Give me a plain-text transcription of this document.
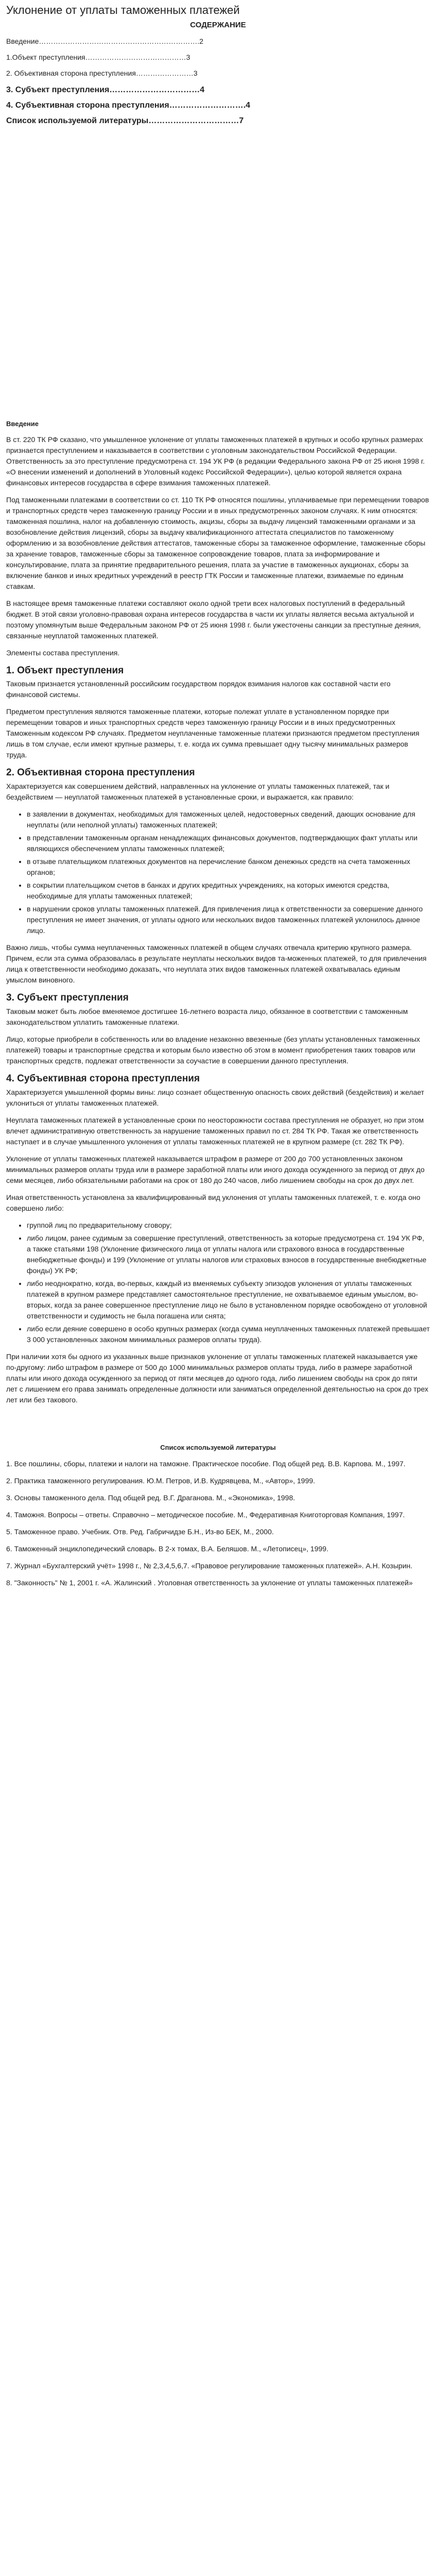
Уклонение от уплаты таможенных платежей
СОДЕРЖАНИЕ
Введение………………………………………………………….2
1.Объект преступления……………………………………3
2. Объективная сторона преступления……………………3
3. Субъект преступления……………………………4
4. Субъективная сторона преступления……………………….4
Список используемой литературы……………………………7
Введение

В ст. 220 ТК РФ сказано, что умышленное уклонение от уплаты таможенных платежей в крупных и особо крупных размерах признается преступлением и наказывается в соответствии с уголовным законодательством Российской Федерации. Ответственность за это преступление предусмотрена ст. 194 УК РФ (в редакции Федерального закона РФ от 25 июня 1998 г. «О внесении изменений и дополнений в Уголовный кодекс Российской Федерации»), целью которой является охрана финансовых интересов государства в сфере взимания таможенных платежей.

Под таможенными платежами в соответствии со ст. 110 ТК РФ относятся пошлины, уплачиваемые при перемещении товаров и транспортных средств через таможенную границу России и в иных предусмотренных законом случаях. К ним относятся: таможенная пошлина, налог на добавленную стоимость, акцизы, сборы за выдачу лицензий таможенными органами и за возобновление действия лицензий, сборы за выдачу квалификационного аттестата специалистов по таможенному оформлению и за возобновление действия аттестатов, таможенные сборы за таможенное оформление, таможенные сборы за хранение товаров, таможенные сборы за таможенное сопровождение товаров, плата за информирование и консультирование, плата за принятие предварительного решения, плата за участие в таможенных аукционах, сборы за включение банков и иных кредитных учреждений в реестр ГТК России и таможенные платежи, взимаемые по единым ставкам.

В настоящее время таможенные платежи составляют около одной трети всех налоговых поступлений в федеральный бюджет. В этой связи уголовно-правовая охрана интересов государства в части их уплаты является весьма актуальной и поэтому упомянутым выше Федеральным законом РФ от 25 июня 1998 г. были ужесточены санкции за преступные деяния, связанные неуплатой таможенных платежей.

Элементы состава преступления.

1. Объект преступления

Таковым признается установленный российским государством порядок взимания налогов как составной части его финансовой системы.

Предметом преступления являются таможенные платежи, которые полежат уплате в установленном порядке при перемещении товаров и иных транспортных средств через таможенную границу России и в иных предусмотренных Таможенным кодексом РФ случаях. Предметом неуплаченные таможенные платежи признаются предметом преступления лишь в том случае, если имеют крупные размеры, т. е. когда их сумма превышает одну тысячу минимальных размеров труда.

2. Объективная сторона преступления

Характеризуется как совершением действий, направленных на уклонение от уплаты таможенных платежей, так и бездействием — неуплатой таможенных платежей в установленные сроки, и выражается, как правило:

• в заявлении в документах, необходимых для таможенных целей, недостоверных сведений, дающих основание для неуплаты (или неполной уплаты) таможенных платежей;
• в представлении таможенным органам ненадлежащих финансовых документов, подтверждающих факт уплаты или являющихся обеспечением уплаты таможенных платежей;
• в отзыве плательщиком платежных документов на перечисление банком денежных средств на счета таможенных органов;
• в сокрытии плательщиком счетов в банках и других кредитных учреждениях, на которых имеются средства, необходимые для уплаты таможенных платежей;
• в нарушении сроков уплаты таможенных платежей. Для привлечения лица к ответственности за совершение данного преступления не имеет значения, от уплаты одного или нескольких видов таможенных платежей уклонилось данное лицо.

Важно лишь, чтобы сумма неуплаченных таможенных платежей в общем случаях отвечала критерию крупного размера. Причем, если эта сумма образовалась в результате неуплаты нескольких видов та-моженных платежей, то для привлечения лица к ответственности необходимо доказать, что неуплата этих видов таможенных платежей охватывалась единым умыслом виновного.

3. Субъект преступления

Таковым может быть любое вменяемое достигшее 16-летнего возраста лицо, обязанное в соответствии с таможенным законодательством уплатить таможенные платежи.

Лицо, которые приобрели в собственность или во владение незаконно ввезенные (без уплаты установленных таможенных платежей) товары и транспортные средства и которым было известно об этом в момент приобретения таких товаров или транспортных средств, подлежат ответственности за соучастие в совершении данного преступления.

4. Субъективная сторона преступления

Характеризуется умышленной формы вины: лицо сознает общественную опасность своих действий (бездействия) и желает уклониться от уплаты таможенных платежей.

Неуплата таможенных платежей в установленные сроки по неосторожности состава преступления не образует, но при этом влечет административную ответственность за нарушение таможенных правил по ст. 284 ТК РФ. Такая же ответственность наступает и в случае умышленного уклонения от уплаты таможенных платежей не в крупном размере (ст. 282 ТК РФ).

Уклонение от уплаты таможенных платежей наказывается штрафом в размере от 200 до 700 установленных законом минимальных размеров оплаты труда или в размере заработной платы или иного дохода осужденного за период от двух до семи месяцев, либо обязательными работами на срок от 180 до 240 часов, либо лишением свободы на срок до двух лет.

Иная ответственность установлена за квалифицированный вид уклонения от уплаты таможенных платежей, т. е. когда оно совершено либо:

• группой лиц по предварительному сговору;
• либо лицом, ранее судимым за совершение преступлений, ответственность за которые предусмотрена ст. 194 УК РФ, а также статьями 198 (Уклонение физического лица от уплаты налога или страхового взноса в государственные внебюджетные фонды) и 199 (Уклонение от уплаты налогов или страховых взносов в государственные внебюджетные фонды) УК РФ;
• либо неоднократно, когда, во-первых, каждый из вменяемых субъекту эпизодов уклонения от уплаты таможенных платежей в крупном размере представляет самостоятельное преступление, не охватываемое единым умыслом, во-вторых, когда за ранее совершенное преступление лицо не было в установленном порядке освобождено от уголовной ответственности и судимость не была погашена или снята;
• либо если деяние совершено в особо крупных размерах (когда сумма неуплаченных таможенных платежей превышает 3 000 установленных законом минимальных размеров оплаты труда).

При наличии хотя бы одного из указанных выше признаков уклонение от уплаты таможенных платежей наказывается уже по-другому: либо штрафом в размере от 500 до 1000 минимальных размеров оплаты труда, либо в размере заработной платы или иного дохода осужденного за период от пяти месяцев до одного года, либо лишением свободы на срок до пяти лет с лишением его права занимать определенные должности или заниматься определенной деятельностью на срок до трех лет или без такового.

Список используемой литературы
1. Все пошлины, сборы, платежи и налоги на таможне. Практическое пособие. Под общей ред. В.В. Карпова. М., 1997.
2. Практика таможенного регулирования. Ю.М. Петров, И.В. Кудрявцева, М., «Автор», 1999.
3. Основы таможенного дела. Под общей ред. В.Г. Драганова. М., «Экономика», 1998.
4. Таможня. Вопросы – ответы. Справочно – методическое пособие. М., Федеративная Книготорговая Компания, 1997.
5. Таможенное право. Учебник. Отв. Ред. Габричидзе Б.Н., Из-во БЕК, М., 2000.
6. Таможенный энциклопедический словарь. В 2-х томах, В.А. Беляшов. М., «Летописец», 1999.
7. Журнал «Бухгалтерский учёт» 1998 г., № 2,3,4,5,6,7. «Правовое регулирование таможенных платежей». А.Н. Козырин.
8. "Законность" № 1, 2001 г. «А. Жалинский . Уголовная ответственность за уклонение от уплаты таможенных платежей»
